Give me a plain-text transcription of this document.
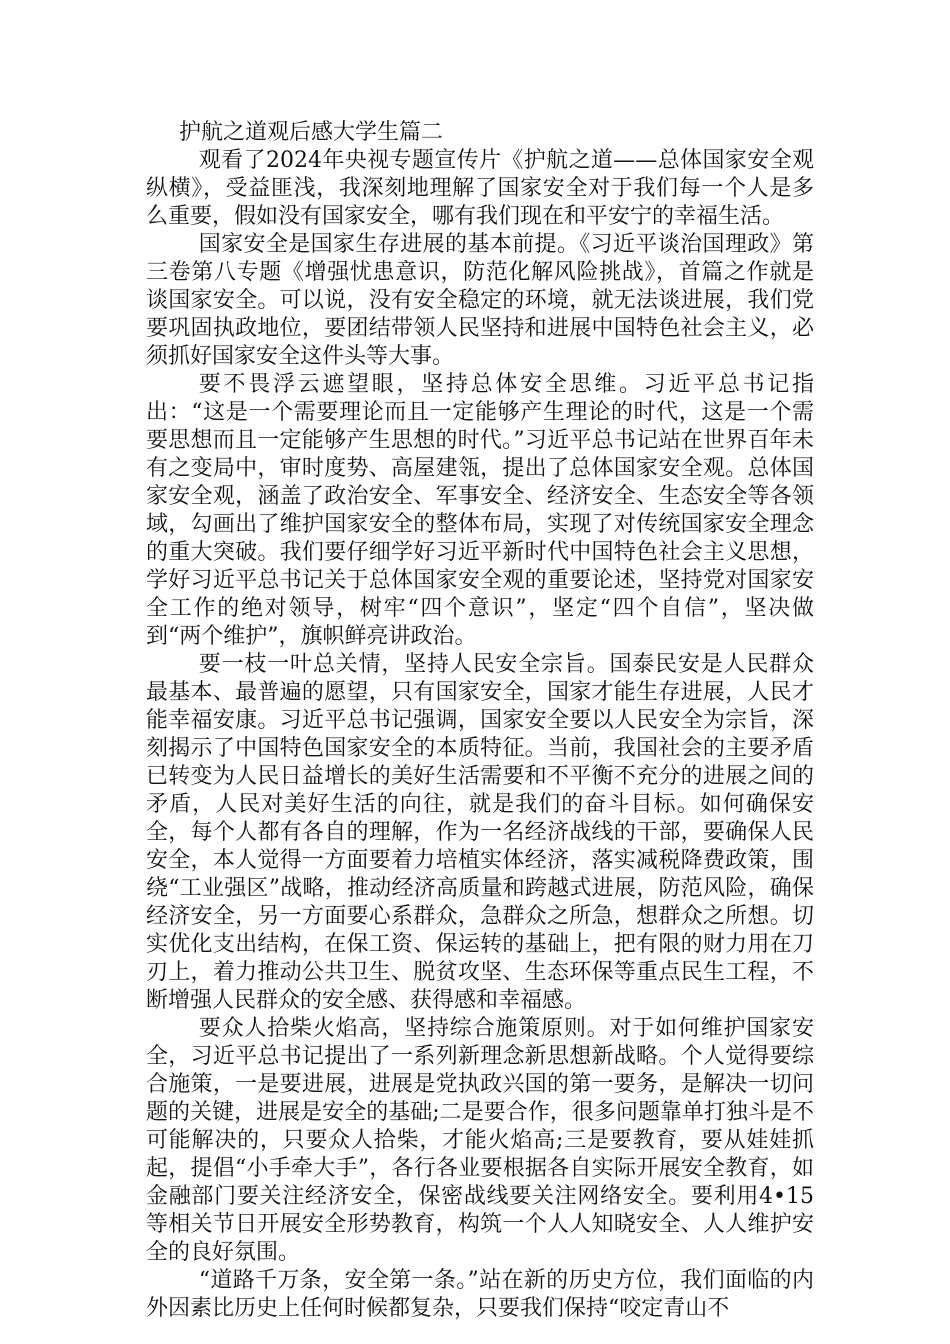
护航之道观后感大学生篇二

观看了2024年央视专题宣传片《护航之道——总体国家安全观纵横》，受益匪浅，我深刻地理解了国家安全对于我们每一个人是多么重要，假如没有国家安全，哪有我们现在和平安宁的幸福生活。

国家安全是国家生存进展的基本前提。《习近平谈治国理政》第三卷第八专题《增强忧患意识，防范化解风险挑战》，首篇之作就是谈国家安全。可以说，没有安全稳定的环境，就无法谈进展，我们党要巩固执政地位，要团结带领人民坚持和进展中国特色社会主义，必须抓好国家安全这件头等大事。

要不畏浮云遮望眼，坚持总体安全思维。习近平总书记指出：“这是一个需要理论而且一定能够产生理论的时代，这是一个需要思想而且一定能够产生思想的时代。”习近平总书记站在世界百年未有之变局中，审时度势、高屋建瓴，提出了总体国家安全观。总体国家安全观，涵盖了政治安全、军事安全、经济安全、生态安全等各领域，勾画出了维护国家安全的整体布局，实现了对传统国家安全理念的重大突破。我们要仔细学好习近平新时代中国特色社会主义思想，学好习近平总书记关于总体国家安全观的重要论述，坚持党对国家安全工作的绝对领导，树牢“四个意识”，坚定“四个自信”，坚决做到“两个维护”，旗帜鲜亮讲政治。

要一枝一叶总关情，坚持人民安全宗旨。国泰民安是人民群众最基本、最普遍的愿望，只有国家安全，国家才能生存进展，人民才能幸福安康。习近平总书记强调，国家安全要以人民安全为宗旨，深刻揭示了中国特色国家安全的本质特征。当前，我国社会的主要矛盾已转变为人民日益增长的美好生活需要和不平衡不充分的进展之间的矛盾，人民对美好生活的向往，就是我们的奋斗目标。如何确保安全，每个人都有各自的理解，作为一名经济战线的干部，要确保人民安全，本人觉得一方面要着力培植实体经济，落实减税降费政策，围绕“工业强区”战略，推动经济高质量和跨越式进展，防范风险，确保经济安全，另一方面要心系群众，急群众之所急，想群众之所想。切实优化支出结构，在保工资、保运转的基础上，把有限的财力用在刀刃上，着力推动公共卫生、脱贫攻坚、生态环保等重点民生工程，不断增强人民群众的安全感、获得感和幸福感。

要众人拾柴火焰高，坚持综合施策原则。对于如何维护国家安全，习近平总书记提出了一系列新理念新思想新战略。个人觉得要综合施策，一是要进展，进展是党执政兴国的第一要务，是解决一切问题的关键，进展是安全的基础;二是要合作，很多问题靠单打独斗是不可能解决的，只要众人拾柴，才能火焰高;三是要教育，要从娃娃抓起，提倡“小手牵大手”，各行各业要根据各自实际开展安全教育，如金融部门要关注经济安全，保密战线要关注网络安全。要利用4•15等相关节日开展安全形势教育，构筑一个人人知晓安全、人人维护安全的良好氛围。

“道路千万条，安全第一条。”站在新的历史方位，我们面临的内外因素比历史上任何时候都复杂，只要我们保持“咬定青山不
